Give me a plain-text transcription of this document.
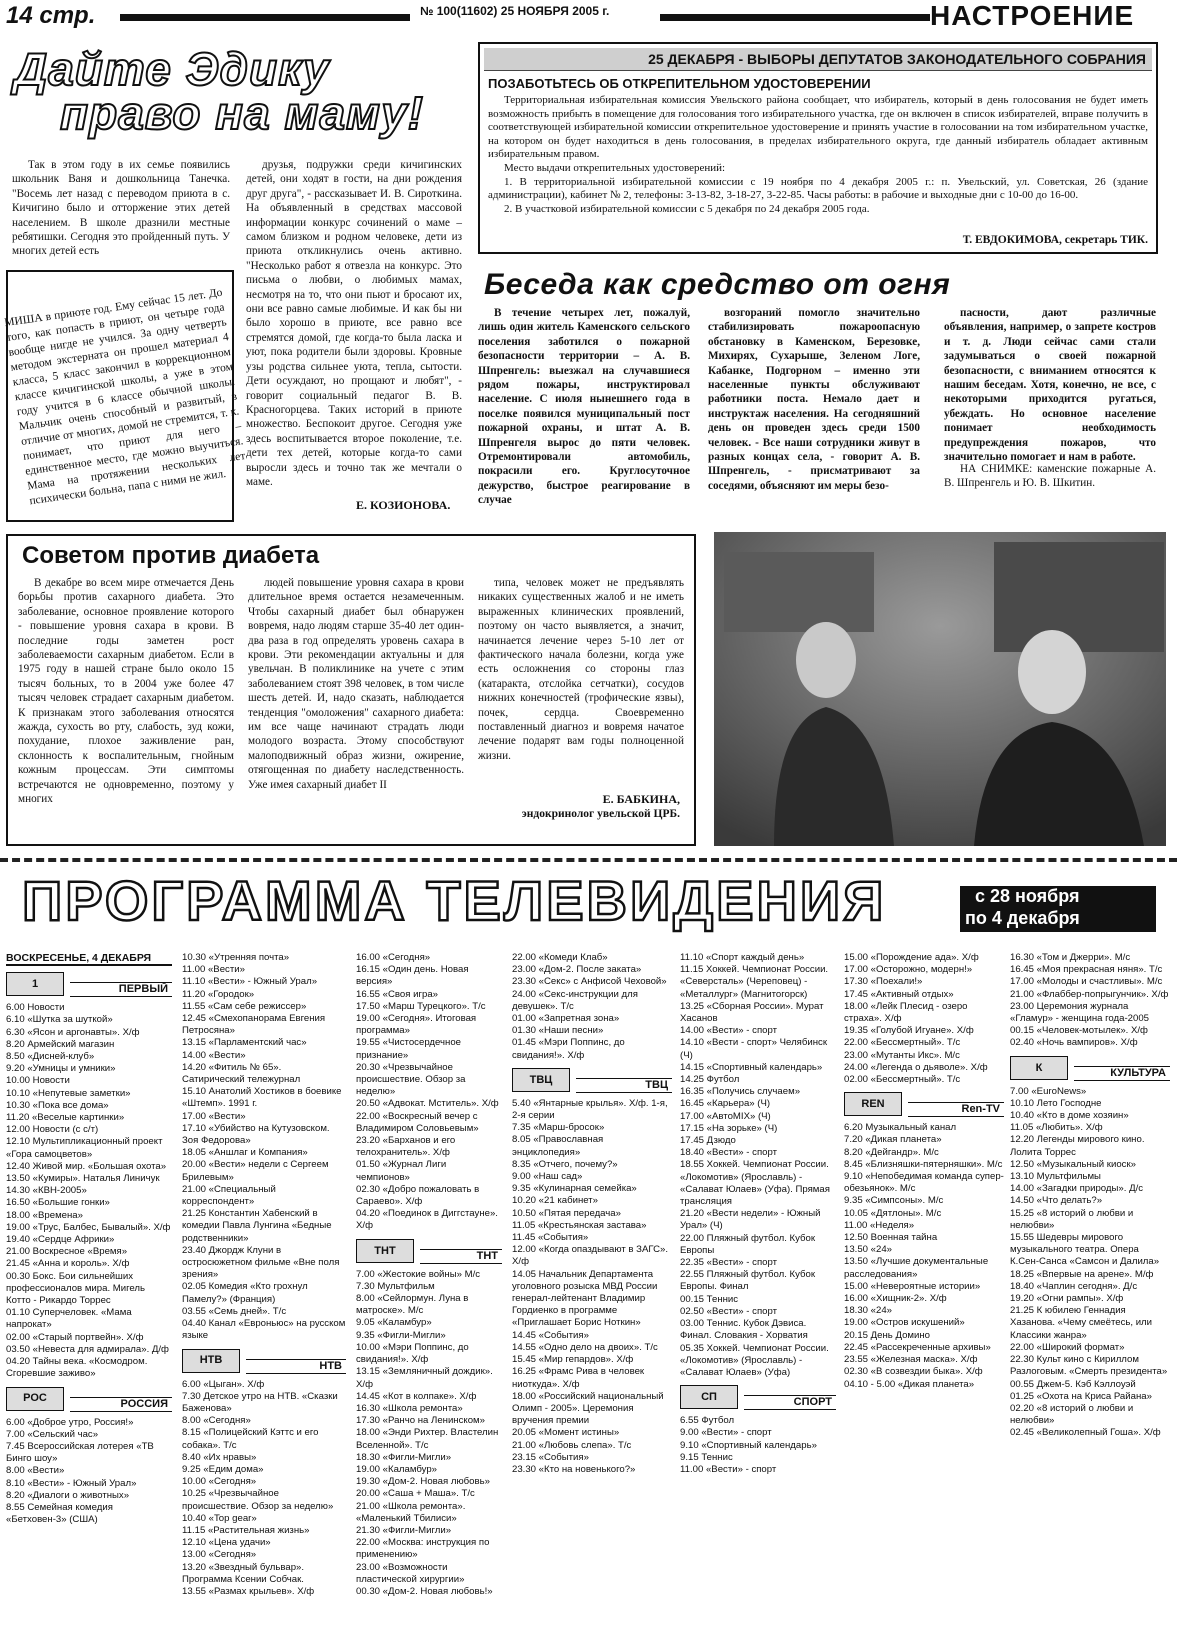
14 стр.	№ 100(11602) 25 НОЯБРЯ 2005 г.	НАСТРОЕНИЕ
Дайте Эдику
право на маму!

Так в этом году в их семье появились школьник Ваня и дошкольница Танечка. "Восемь лет назад с переводом приюта в с. Кичигино было и отторжение этих детей населением. В школе дразнили местные ребятишки. Сегодня это пройденный путь. У многих детей есть

МИША в приюте год. Ему сейчас 15 лет. До того, как попасть в приют, он четыре года вообще нигде не учился. За одну четверть методом экстерната он прошел материал 4 класса, 5 класс закончил в коррекционном классе кичигинской школы, а уже в этом году учится в 6 классе обычной школы. Мальчик очень способный и развитый, в отличие от многих, домой не стремится, т. к. понимает, что приют для него – единственное место, где можно выучиться. Мама на протяжении нескольких лет психически больна, папа с ними не жил.

друзья, подружки среди кичигинских детей, они ходят в гости, на дни рождения друг друга", - рассказывает И. В. Сироткина. На объявленный в средствах массовой информации конкурс сочинений о маме – самом близком и родном человеке, дети из приюта откликнулись очень активно. "Несколько работ я отвезла на конкурс. Это письма о любви, о любимых мамах, несмотря на то, что они пьют и бросают их, они все равно самые любимые. И как бы ни было хорошо в приюте, все равно все стремятся домой, где когда-то была ласка и уют, пока родители были здоровы. Кровные узы родства сильнее уюта, тепла, сытости. Дети осуждают, но прощают и любят", - говорит социальный педагог В. В. Красногорцева. Таких историй в приюте множество. Беспокоит другое. Сегодня уже здесь воспитывается второе поколение, т.е. дети тех детей, которые когда-то сами выросли здесь и точно так же мечтали о маме.

Е. КОЗИОНОВА.
25 ДЕКАБРЯ - ВЫБОРЫ ДЕПУТАТОВ ЗАКОНОДАТЕЛЬНОГО СОБРАНИЯ
ПОЗАБОТЬТЕСЬ ОБ ОТКРЕПИТЕЛЬНОМ УДОСТОВЕРЕНИИ

Территориальная избирательная комиссия Увельского района сообщает, что избиратель, который в день голосования не будет иметь возможность прибыть в помещение для голосования того избирательного участка, где он включен в список избирателей, вправе получить в соответствующей избирательной комиссии открепительное удостоверение и принять участие в голосовании на том избирательном участке, на котором он будет находиться в день голосования, в пределах избирательного округа, где данный избиратель обладает активным избирательным правом.

Место выдачи открепительных удостоверений:

1. В территориальной избирательной комиссии с 19 ноября по 4 декабря 2005 г.: п. Увельский, ул. Советская, 26 (здание администрации), кабинет № 2, телефоны: 3-13-82, 3-18-27, 3-22-85. Часы работы: в рабочие и выходные дни с 10-00 до 16-00.

2. В участковой избирательной комиссии с 5 декабря по 24 декабря 2005 года.

Т. ЕВДОКИМОВА, секретарь ТИК.
Беседа как средство от огня

В течение четырех лет, пожалуй, лишь один житель Каменского сельского поселения заботился о пожарной безопасности территории – А. В. Шпренгель: выезжал на случавшиеся рядом пожары, инструктировал население. С июля нынешнего года в поселке появился муниципальный пост пожарной охраны, и штат А. В. Шпренгеля вырос до пяти человек. Отремонтировали автомобиль, покрасили его. Круглосуточное дежурство, быстрое реагирование в случае

возгораний помогло значительно стабилизировать пожароопасную обстановку в Каменском, Березовке, Михирях, Сухарыше, Зеленом Логе, Кабанке, Подгорном – именно эти населенные пункты обслуживают работники поста. Немало дает и инструктаж населения. На сегодняшний день он проведен здесь среди 1500 человек. - Все наши сотрудники живут в разных концах села, - говорит А. В. Шпренгель, - присматривают за соседями, объясняют им меры безо-

пасности, дают различные объявления, например, о запрете костров и т. д. Люди сейчас сами стали задумываться о своей пожарной безопасности, с вниманием относятся к нашим беседам. Хотя, конечно, не все, с некоторыми приходится ругаться, убеждать. Но основное население понимает необходимость предупреждения пожаров, что значительно помогает и нам в работе.

НА СНИМКЕ: каменские пожарные А. В. Шпренгель и Ю. В. Шкитин.

Советом против диабета

В декабре во всем мире отмечается День борьбы против сахарного диабета. Это заболевание, основное проявление которого - повышение уровня сахара в крови. В последние годы заметен рост заболеваемости сахарным диабетом. Если в 1975 году в нашей стране было около 15 тысяч больных, то в 2004 уже более 47 тысяч человек страдает сахарным диабетом. К признакам этого заболевания относятся жажда, сухость во рту, слабость, зуд кожи, похудание, плохое заживление ран, склонность к воспалительным, гнойным кожным процессам. Эти симптомы встречаются не одновременно, поэтому у многих

людей повышение уровня сахара в крови длительное время остается незамеченным. Чтобы сахарный диабет был обнаружен вовремя, надо людям старше 35-40 лет один-два раза в год определять уровень сахара в крови. Эти рекомендации актуальны и для увельчан. В поликлинике на учете с этим заболеванием стоят 398 человек, в том числе шесть детей. И, надо сказать, наблюдается тенденция "омоложения" сахарного диабета: им все чаще начинают страдать люди молодого возраста. Этому способствуют малоподвижный образ жизни, ожирение, отягощенная по диабету наследственность. Уже имея сахарный диабет II

типа, человек может не предъявлять никаких существенных жалоб и не иметь выраженных клинических проявлений, поэтому он часто выявляется, а значит, начинается лечение через 5-10 лет от фактического начала болезни, когда уже есть осложнения со стороны глаз (катаракта, отслойка сетчатки), сосудов нижних конечностей (трофические язвы), почек, сердца. Своевременно поставленный диагноз и вовремя начатое лечение подарят вам годы полноценной жизни.

Е. БАБКИНА,
эндокринолог увельской ЦРБ.
ПРОГРАММА ТЕЛЕВИДЕНИЯ	с 28 ноября
по 4 декабря
ВОСКРЕСЕНЬЕ, 4 ДЕКАБРЯ
1	ПЕРВЫЙ
6.00 Новости
6.10 «Шутка за шуткой»
6.30 «Ясон и аргонавты». Х/ф
8.20 Армейский магазин
8.50 «Дисней-клуб»
9.20 «Умницы и умники»
10.00 Новости
10.10 «Непутевые заметки»
10.30 «Пока все дома»
11.20 «Веселые картинки»
12.00 Новости (с с/т)
12.10 Мультипликационный проект «Гора самоцветов»
12.40 Живой мир. «Большая охота»
13.50 «Кумиры». Наталья Линичук
14.30 «КВН-2005»
16.50 «Большие гонки»
18.00 «Времена»
19.00 «Трус, Балбес, Бывалый». Х/ф
19.40 «Сердце Африки»
21.00 Воскресное «Время»
21.45 «Анна и король». Х/ф
00.30 Бокс. Бои сильнейших профессионалов мира. Мигель Котто - Рикардо Торрес
01.10 Суперчеловек. «Мама напрокат»
02.00 «Старый портвейн». Х/ф
03.50 «Невеста для адмирала». Д/ф
04.20 Тайны века. «Космодром. Сгоревшие заживо»
РОС	РОССИЯ
6.00 «Доброе утро, Россия!»
7.00 «Сельский час»
7.45 Всероссийская лотерея «ТВ Бинго шоу»
8.00 «Вести»
8.10 «Вести» - Южный Урал»
8.20 «Диалоги о животных»
8.55 Семейная комедия «Бетховен-3» (США)
10.30 «Утренняя почта»
11.00 «Вести»
11.10 «Вести» - Южный Урал»
11.20 «Городок»
11.55 «Сам себе режиссер»
12.45 «Смехопанорама Евгения Петросяна»
13.15 «Парламентский час»
14.00 «Вести»
14.20 «Фитиль № 65». Сатирический тележурнал
15.10 Анатолий Хостиков в боевике «Штемп». 1991 г.
17.00 «Вести»
17.10 «Убийство на Кутузовском. Зоя Федорова»
18.05 «Аншлаг и Компания»
20.00 «Вести» недели с Сергеем Брилевым»
21.00 «Специальный корреспондент»
21.25 Константин Хабенский в комедии Павла Лунгина «Бедные родственники»
23.40 Джордж Клуни в остросюжетном фильме «Вне поля зрения»
02.05 Комедия «Кто грохнул Памелу?» (Франция)
03.55 «Семь дней». Т/с
04.40 Канал «Евроньюс» на русском языке
НТВ	НТВ
6.00 «Цыган». Х/ф
7.30 Детское утро на НТВ. «Сказки Баженова»
8.00 «Сегодня»
8.15 «Полицейский Кэттс и его собака». Т/с
8.40 «Их нравы»
9.25 «Едим дома»
10.00 «Сегодня»
10.25 «Чрезвычайное происшествие. Обзор за неделю»
10.40 «Top gear»
11.15 «Растительная жизнь»
12.10 «Цена удачи»
13.00 «Сегодня»
13.20 «Звездный бульвар». Программа Ксении Собчак.
13.55 «Размах крыльев». Х/ф
16.00 «Сегодня»
16.15 «Один день. Новая версия»
16.55 «Своя игра»
17.50 «Марш Турецкого». Т/с
19.00 «Сегодня». Итоговая программа»
19.55 «Чистосердечное признание»
20.30 «Чрезвычайное происшествие. Обзор за неделю»
20.50 «Адвокат. Мститель». Х/ф
22.00 «Воскресный вечер с Владимиром Соловьевым»
23.20 «Барханов и его телохранитель». Х/ф
01.50 «Журнал Лиги чемпионов»
02.30 «Добро пожаловать в Сараево». Х/ф
04.20 «Поединок в Диггстауне». Х/ф
ТНТ	ТНТ
7.00 «Жестокие войны» М/с
7.30 Мультфильм
8.00 «Сейлормун. Луна в матроске». М/с
9.05 «Каламбур»
9.35 «Фигли-Мигли»
10.00 «Мэри Поппинс, до свидания!». Х/ф
13.15 «Земляничный дождик». Х/ф
14.45 «Кот в колпаке». Х/ф
16.30 «Школа ремонта»
17.30 «Ранчо на Ленинском»
18.00 «Энди Рихтер. Властелин Вселенной». Т/с
18.30 «Фигли-Мигли»
19.00 «Каламбур»
19.30 «Дом-2. Новая любовь»
20.00 «Саша + Маша». Т/с
21.00 «Школа ремонта». «Маленький Тбилиси»
21.30 «Фигли-Мигли»
22.00 «Москва: инструкция по применению»
23.00 «Возможности пластической хирургии»
00.30 «Дом-2. Новая любовь!»
22.00 «Комеди Клаб»
23.00 «Дом-2. После заката»
23.30 «Секс» с Анфисой Чеховой»
24.00 «Секс-инструкции для девушек». Т/с
01.00 «Запретная зона»
01.30 «Наши песни»
01.45 «Мэри Поппинс, до свидания!». Х/ф
ТВЦ	ТВЦ
5.40 «Янтарные крылья». Х/ф. 1-я, 2-я серии
7.35 «Марш-бросок»
8.05 «Православная энциклопедия»
8.35 «Отчего, почему?»
9.00 «Наш сад»
9.35 «Кулинарная семейка»
10.20 «21 кабинет»
10.50 «Пятая передача»
11.05 «Крестьянская застава»
11.45 «События»
12.00 «Когда опаздывают в ЗАГС». Х/ф
14.05 Начальник Департамента уголовного розыска МВД России генерал-лейтенант Владимир Гордиенко в программе «Приглашает Борис Ноткин»
14.45 «События»
14.55 «Одно дело на двоих». Т/с
15.45 «Мир гепардов». Х/ф
16.25 «Фрамс Рива в человек ниоткуда». Х/ф
18.00 «Российский национальный Олимп - 2005». Церемония вручения премии
20.05 «Момент истины»
21.00 «Любовь слепа». Т/с
23.15 «События»
23.30 «Кто на новенького?»
11.10 «Спорт каждый день»
11.15 Хоккей. Чемпионат России. «Северсталь» (Череповец) - «Металлург» (Магнитогорск)
13.25 «Сборная России». Мурат Хасанов
14.00 «Вести» - спорт
14.10 «Вести - спорт» Челябинск (Ч)
14.15 «Спортивный календарь»
14.25 Футбол
16.35 «Получись случаем»
16.45 «Карьера» (Ч)
17.00 «АвтоMIX» (Ч)
17.15 «На зорьке» (Ч)
17.45 Дзюдо
18.40 «Вести» - спорт
18.55 Хоккей. Чемпионат России. «Локомотив» (Ярославль) - «Салават Юлаев» (Уфа). Прямая трансляция
21.20 «Вести недели» - Южный Урал» (Ч)
22.00 Пляжный футбол. Кубок Европы
22.35 «Вести» - спорт
22.55 Пляжный футбол. Кубок Европы. Финал
00.15 Теннис
02.50 «Вести» - спорт
03.00 Теннис. Кубок Дэвиса. Финал. Словакия - Хорватия
05.35 Хоккей. Чемпионат России. «Локомотив» (Ярославль) - «Салават Юлаев» (Уфа)
СП	СПОРТ
6.55 Футбол
9.00 «Вести» - спорт
9.10 «Спортивный календарь»
9.15 Теннис
11.00 «Вести» - спорт
15.00 «Порождение ада». Х/ф
17.00 «Осторожно, модерн!»
17.30 «Поехали!»
17.45 «Активный отдых»
18.00 «Лейк Плесид - озеро страха». Х/ф
19.35 «Голубой Игуане». Х/ф
22.00 «Бессмертный». Т/с
23.00 «Мутанты Икс». М/с
24.00 «Легенда о дьяволе». Х/ф
02.00 «Бессмертный». Т/с
REN	Ren-TV
6.20 Музыкальный канал
7.20 «Дикая планета»
8.20 «Дейгандр». М/с
8.45 «Близняшки-пятерняшки». М/с
9.10 «Непобедимая команда супер-обезьянок». М/с
9.35 «Симпсоны». М/с
10.05 «Дятлоны». М/с
11.00 «Неделя»
12.50 Военная тайна
13.50 «24»
13.50 «Лучшие документальные расследования»
15.00 «Невероятные истории»
16.00 «Хищник-2». Х/ф
18.30 «24»
19.00 «Остров искушений»
20.15 День Домино
22.45 «Рассекреченные архивы»
23.55 «Железная маска». Х/ф
02.30 «В созвездии быка». Х/ф
04.10 - 5.00 «Дикая планета»
16.30 «Том и Джерри». М/с
16.45 «Моя прекрасная няня». Т/с
17.00 «Молоды и счастливы». М/с
21.00 «Флаббер-попрыгунчик». Х/ф
23.00 Церемония журнала «Гламур» - женщина года-2005
00.15 «Человек-мотылек». Х/ф
02.40 «Ночь вампиров». Х/ф
К	КУЛЬТУРА
7.00 «EuroNews»
10.10 Лето Господне
10.40 «Кто в доме хозяин»
11.05 «Любить». Х/ф
12.20 Легенды мирового кино. Лолита Торрес
12.50 «Музыкальный киоск»
13.10 Мультфильмы
14.00 «Загадки природы». Д/с
14.50 «Что делать?»
15.25 «8 историй о любви и нелюбви»
15.55 Шедевры мирового музыкального театра. Опера К.Сен-Санса «Самсон и Далила»
18.25 «Впервые на арене». М/ф
18.40 «Чаплин сегодня». Д/с
19.20 «Огни рампы». Х/ф
21.25 К юбилею Геннадия Хазанова. «Чему смеётесь, или Классики жанра»
22.00 «Широкий формат»
22.30 Культ кино с Кириллом Разлоговым. «Смерть президента»
00.55 Джем-5. Кэб Кэллоуэй
01.25 «Охота на Криса Райана»
02.20 «8 историй о любви и нелюбви»
02.45 «Великолепный Гоша». Х/ф
